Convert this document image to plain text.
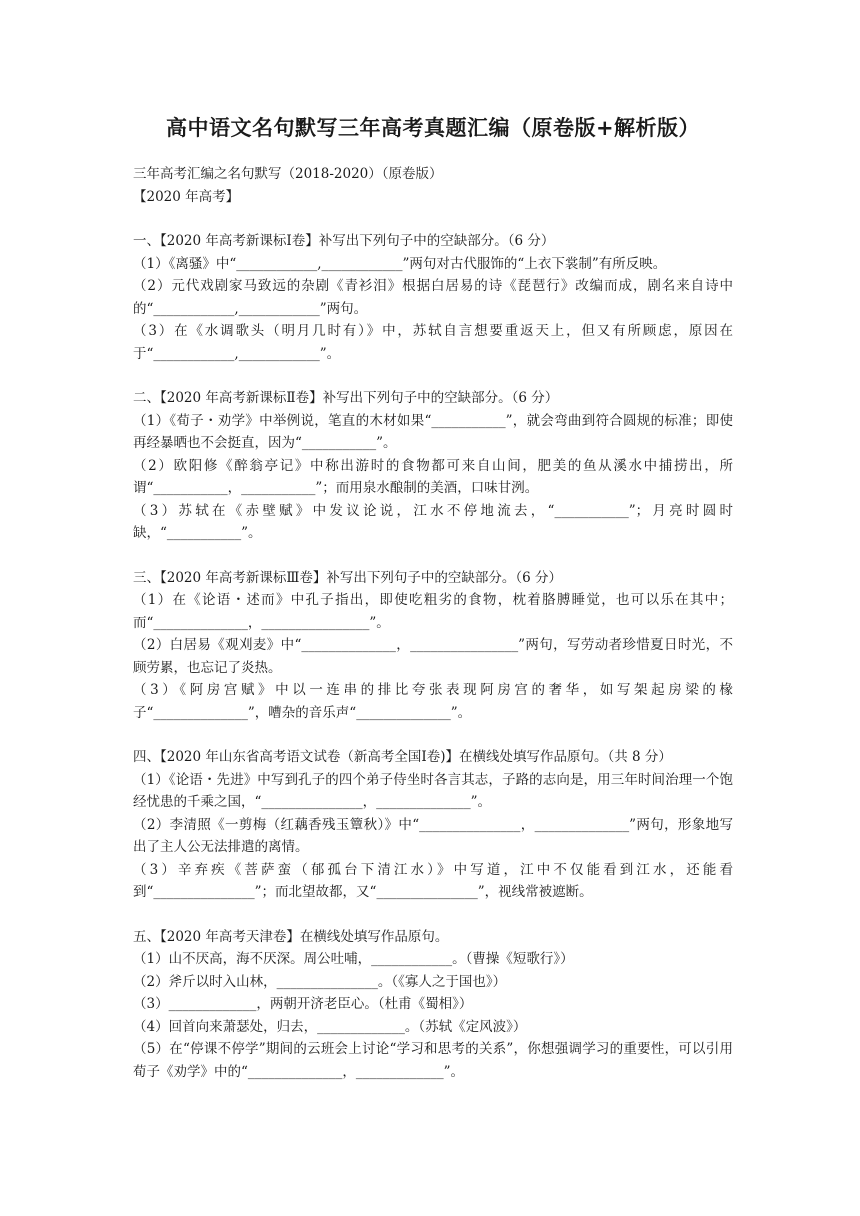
高中语文名句默写三年高考真题汇编（原卷版+解析版）

三年高考汇编之名句默写（2018-2020）（原卷版）

【2020 年高考】

一、【2020 年高考新课标Ⅰ卷】补写出下列句子中的空缺部分。（6 分）

（1）《离骚》中“____________,____________”两句对古代服饰的“上衣下裳制”有所反映。

（2）元代戏剧家马致远的杂剧《青衫泪》根据白居易的诗《琵琶行》改编而成，剧名来自诗中的“____________,____________”两句。

（3）在《水调歌头（明月几时有）》中，苏轼自言想要重返天上，但又有所顾虑，原因在于“____________,____________”。

二、【2020 年高考新课标Ⅱ卷】补写出下列句子中的空缺部分。（6 分）

（1）《荀子・劝学》中举例说，笔直的木材如果“___________”，就会弯曲到符合圆规的标准；即使再经暴晒也不会挺直，因为“___________”。

（2）欧阳修《醉翁亭记》中称出游时的食物都可来自山间，肥美的鱼从溪水中捕捞出，所谓“___________，___________”；而用泉水酿制的美酒，口味甘洌。

（3）苏轼在《赤壁赋》中发议论说，江水不停地流去，“___________”；月亮时圆时缺，“___________”。

三、【2020 年高考新课标Ⅲ卷】补写出下列句子中的空缺部分。（6 分）

（1）在《论语・述而》中孔子指出，即使吃粗劣的食物，枕着胳膊睡觉，也可以乐在其中；而“______________，________________”。

（2）白居易《观刈麦》中“______________，________________”两句，写劳动者珍惜夏日时光，不顾劳累，也忘记了炎热。

（3）《阿房宫赋》中以一连串的排比夸张表现阿房宫的奢华，如写架起房梁的椽子“______________”，嘈杂的音乐声“______________”。

四、【2020 年山东省高考语文试卷（新高考全国Ⅰ卷)】在横线处填写作品原句。（共 8 分）

（1）《论语・先进》中写到孔子的四个弟子侍坐时各言其志，子路的志向是，用三年时间治理一个饱经忧患的千乘之国，“_______________，______________”。

（2）李清照《一剪梅（红藕香残玉簟秋）》中“_______________，______________”两句，形象地写出了主人公无法排遣的离情。

（3）辛弃疾《菩萨蛮（郁孤台下清江水）》中写道，江中不仅能看到江水，还能看到“_______________”；而北望故都，又“_______________”，视线常被遮断。

五、【2020 年高考天津卷】在横线处填写作品原句。

（1）山不厌高，海不厌深。周公吐哺，____________。（曹操《短歌行》）

（2）斧斤以时入山林，_______________。（《寡人之于国也》）

（3）_____________，两朝开济老臣心。（杜甫《蜀相》）

（4）回首向来萧瑟处，归去，_____________。（苏轼《定风波》）

（5）在“停课不停学”期间的云班会上讨论“学习和思考的关系”，你想强调学习的重要性，可以引用荀子《劝学》中的“______________，_____________”。
